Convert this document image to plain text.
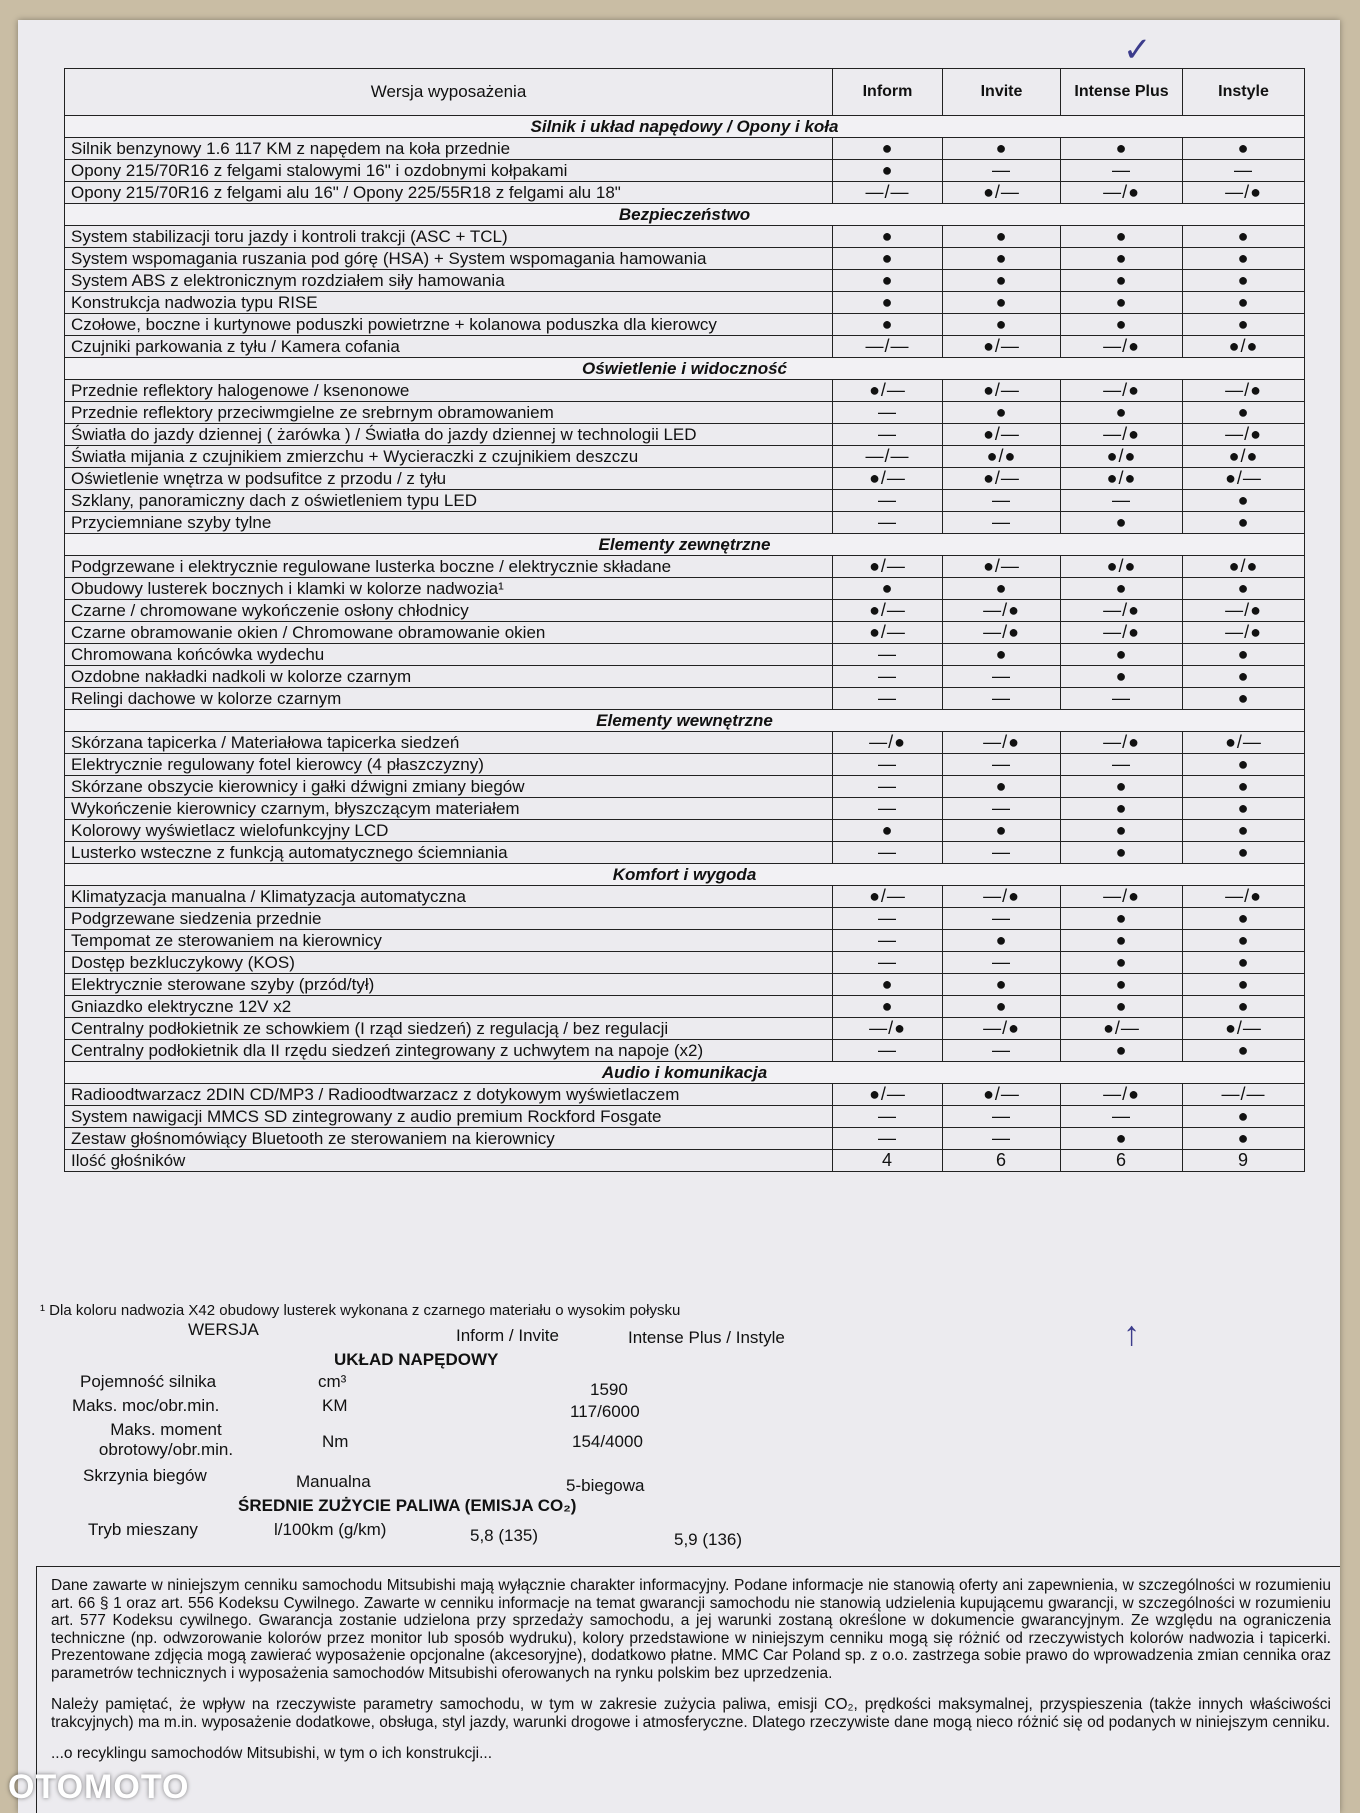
✓
Wersja wyposażenia	Inform	Invite	Intense Plus	Instyle
Silnik i układ napędowy / Opony i koła				
Silnik benzynowy 1.6 117 KM z napędem na koła przednie	●	●	●	●
Opony 215/70R16 z felgami stalowymi 16" i ozdobnymi kołpakami	●	—	—	—
Opony 215/70R16 z felgami alu 16" / Opony 225/55R18 z felgami alu 18"	—/—	●/—	—/●	—/●
Bezpieczeństwo				
System stabilizacji toru jazdy i kontroli trakcji (ASC + TCL)	●	●	●	●
System wspomagania ruszania pod górę (HSA) + System wspomagania hamowania	●	●	●	●
System ABS z elektronicznym rozdziałem siły hamowania	●	●	●	●
Konstrukcja nadwozia typu RISE	●	●	●	●
Czołowe, boczne i kurtynowe poduszki powietrzne + kolanowa poduszka dla kierowcy	●	●	●	●
Czujniki parkowania z tyłu / Kamera cofania	—/—	●/—	—/●	●/●
Oświetlenie i widoczność				
Przednie reflektory halogenowe / ksenonowe	●/—	●/—	—/●	—/●
Przednie reflektory przeciwmgielne ze srebrnym obramowaniem	—	●	●	●
Światła do jazdy dziennej ( żarówka ) / Światła do jazdy dziennej w technologii LED	—	●/—	—/●	—/●
Światła mijania z czujnikiem zmierzchu + Wycieraczki z czujnikiem deszczu	—/—	●/●	●/●	●/●
Oświetlenie wnętrza w podsufitce z przodu / z tyłu	●/—	●/—	●/●	●/—
Szklany, panoramiczny dach z oświetleniem typu LED	—	—	—	●
Przyciemniane szyby tylne	—	—	●	●
Elementy zewnętrzne				
Podgrzewane i elektrycznie regulowane lusterka boczne / elektrycznie składane	●/—	●/—	●/●	●/●
Obudowy lusterek bocznych i klamki w kolorze nadwozia¹	●	●	●	●
Czarne / chromowane wykończenie osłony chłodnicy	●/—	—/●	—/●	—/●
Czarne obramowanie okien / Chromowane obramowanie okien	●/—	—/●	—/●	—/●
Chromowana końcówka wydechu	—	●	●	●
Ozdobne nakładki nadkoli w kolorze czarnym	—	—	●	●
Relingi dachowe w kolorze czarnym	—	—	—	●
Elementy wewnętrzne				
Skórzana tapicerka / Materiałowa tapicerka siedzeń	—/●	—/●	—/●	●/—
Elektrycznie regulowany fotel kierowcy (4 płaszczyzny)	—	—	—	●
Skórzane obszycie kierownicy i gałki dźwigni zmiany biegów	—	●	●	●
Wykończenie kierownicy czarnym, błyszczącym materiałem	—	—	●	●
Kolorowy wyświetlacz wielofunkcyjny LCD	●	●	●	●
Lusterko wsteczne z funkcją automatycznego ściemniania	—	—	●	●
Komfort i wygoda				
Klimatyzacja manualna / Klimatyzacja automatyczna	●/—	—/●	—/●	—/●
Podgrzewane siedzenia przednie	—	—	●	●
Tempomat ze sterowaniem na kierownicy	—	●	●	●
Dostęp bezkluczykowy (KOS)	—	—	●	●
Elektrycznie sterowane szyby (przód/tył)	●	●	●	●
Gniazdko elektryczne 12V x2	●	●	●	●
Centralny podłokietnik ze schowkiem (I rząd siedzeń) z regulacją / bez regulacji	—/●	—/●	●/—	●/—
Centralny podłokietnik dla II rzędu siedzeń zintegrowany z uchwytem na napoje (x2)	—	—	●	●
Audio i komunikacja				
Radioodtwarzacz 2DIN CD/MP3 / Radioodtwarzacz z dotykowym wyświetlaczem	●/—	●/—	—/●	—/—
System nawigacji MMCS SD zintegrowany z audio premium Rockford Fosgate	—	—	—	●
Zestaw głośnomówiący Bluetooth ze sterowaniem na kierownicy	—	—	●	●
Ilość głośników	4	6	6	9
¹ Dla koloru nadwozia X42 obudowy lusterek wykonana z czarnego materiału o wysokim połysku
WERSJA	Inform / Invite	Intense Plus / Instyle
UKŁAD NAPĘDOWY
Pojemność silnika	cm³	1590
Maks. moc/obr.min.	KM	117/6000
Maks. moment obrotowy/obr.min.	Nm	154/4000
Skrzynia biegów	Manualna	5-biegowa
ŚREDNIE ZUŻYCIE PALIWA (EMISJA CO₂)
Tryb mieszany	l/100km (g/km)	5,8 (135)	5,9 (136)
↑

Dane zawarte w niniejszym cenniku samochodu Mitsubishi mają wyłącznie charakter informacyjny. Podane informacje nie stanowią oferty ani zapewnienia, w szczególności w rozumieniu art. 66 § 1 oraz art. 556 Kodeksu Cywilnego. Zawarte w cenniku informacje na temat gwarancji samochodu nie stanowią udzielenia kupującemu gwarancji, w szczególności w rozumieniu art. 577 Kodeksu cywilnego. Gwarancja zostanie udzielona przy sprzedaży samochodu, a jej warunki zostaną określone w dokumencie gwarancyjnym. Ze względu na ograniczenia techniczne (np. odwzorowanie kolorów przez monitor lub sposób wydruku), kolory przedstawione w niniejszym cenniku mogą się różnić od rzeczywistych kolorów nadwozia i tapicerki. Prezentowane zdjęcia mogą zawierać wyposażenie opcjonalne (akcesoryjne), dodatkowo płatne. MMC Car Poland sp. z o.o. zastrzega sobie prawo do wprowadzenia zmian cennika oraz parametrów technicznych i wyposażenia samochodów Mitsubishi oferowanych na rynku polskim bez uprzedzenia.

Należy pamiętać, że wpływ na rzeczywiste parametry samochodu, w tym w zakresie zużycia paliwa, emisji CO₂, prędkości maksymalnej, przyspieszenia (także innych właściwości trakcyjnych) ma m.in. wyposażenie dodatkowe, obsługa, styl jazdy, warunki drogowe i atmosferyczne. Dlatego rzeczywiste dane mogą nieco różnić się od podanych w niniejszym cenniku.

...o recyklingu samochodów Mitsubishi, w tym o ich konstrukcji...

OTOMOTO
